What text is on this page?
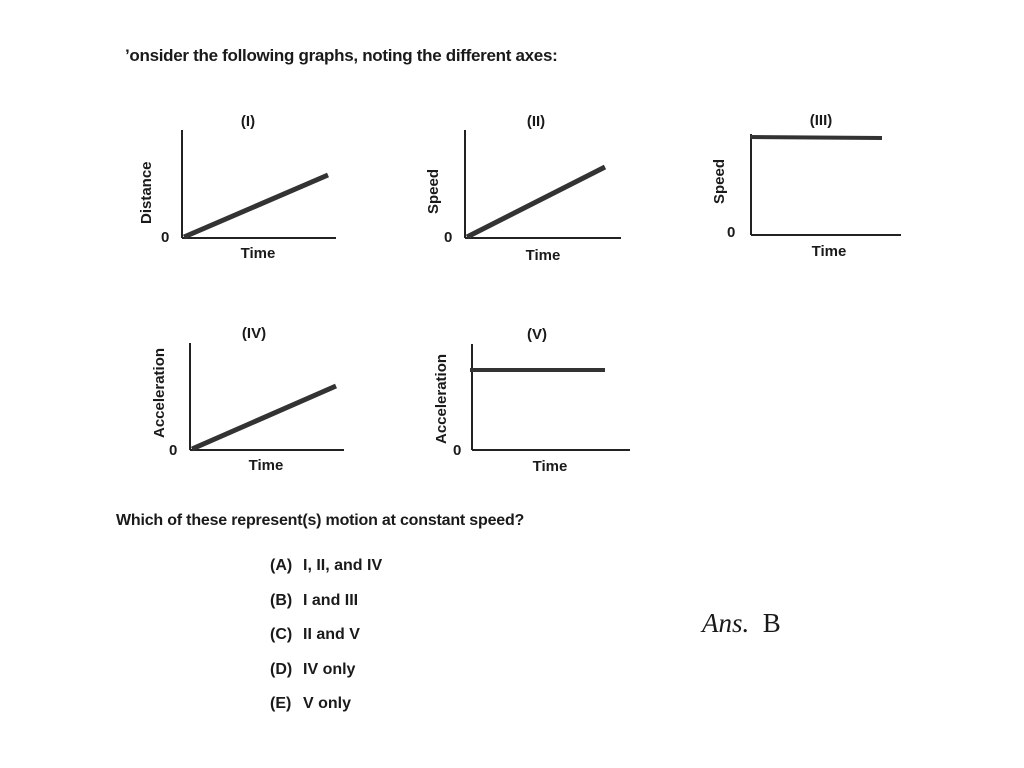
’onsider the following graphs, noting the different axes:
(I)
Distance
0
Time
(II)
Speed
0
Time
(III)
Speed
0
Time
(IV)
Acceleration
0
Time
(V)
Acceleration
0
Time
Which of these represent(s) motion at constant speed?
(A) I, II, and IV
(B) I and III
(C) II and V
(D) IV only
(E) V only
Ans. B
